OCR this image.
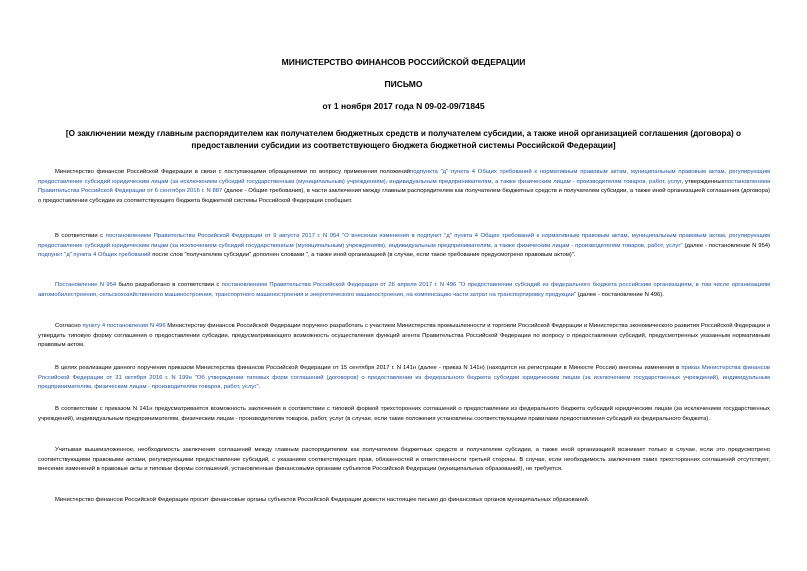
МИНИСТЕРСТВО ФИНАНСОВ РОССИЙСКОЙ ФЕДЕРАЦИИ
ПИСЬМО
от 1 ноября 2017 года N 09-02-09/71845
[О заключении между главным распорядителем как получателем бюджетных средств и получателем субсидии, а также иной организацией соглашения (договора) о предоставлении субсидии из соответствующего бюджета бюджетной системы Российской Федерации]

Министерство финансов Российской Федерации в связи с поступающими обращениями по вопросу применения положенийподпункта "д" пункта 4 Общих требований к нормативным правовым актам, муниципальным правовым актам, регулирующим предоставление субсидий юридическим лицам (за исключением субсидий государственным (муниципальным) учреждениям), индивидуальным предпринимателям, а также физическим лицам - производителям товаров, работ, услуг, утвержденныхпостановлением Правительства Российской Федерации от 6 сентября 2016 г. N 887 (далее - Общие требования), в части заключения между главным распорядителем как получателем бюджетных средств и получателем субсидии, а также иной организацией соглашения (договора) о предоставлении субсидии из соответствующего бюджета бюджетной системы Российской Федерации сообщает.

В соответствии с постановлением Правительства Российской Федерации от 9 августа 2017 г. N 954 "О внесении изменения в подпункт "д" пункта 4 Общих требований к нормативным правовым актам, муниципальным правовым актам, регулирующим предоставление субсидий юридическим лицам (за исключением субсидий государственным (муниципальным) учреждениям), индивидуальным предпринимателям, а также физическим лицам - производителям товаров, работ, услуг" (далее - постановление N 954) подпункт "д" пункта 4 Общих требований после слов "получателем субсидии" дополнен словами ", а также иной организацией (в случае, если такое требование предусмотрено правовым актом)".

Постановление N 954 было разработано в соответствии с постановлением Правительства Российской Федерации от 26 апреля 2017 г. N 496 "О предоставлении субсидий из федерального бюджета российским организациям, в том числе организациям автомобилестроения, сельскохозяйственного машиностроения, транспортного машиностроения и энергетического машиностроения, на компенсацию части затрат на транспортировку продукции" (далее - постановление N 496).

Согласно пункту 4 постановления N 496 Министерству финансов Российской Федерации поручено разработать с участием Министерства промышленности и торговли Российской Федерации и Министерства экономического развития Российской Федерации и утвердить типовую форму соглашения о предоставлении субсидии, предусматривающего возможность осуществления функций агента Правительства Российской Федерации по вопросу о предоставлении субсидий, предусмотренных указанным нормативным правовым актом.

В целях реализации данного поручения приказом Министерства финансов Российской Федерации от 15 сентября 2017 г. N 141н (далее - приказ N 141н) (находится на регистрации в Минюсте России) внесены изменения в приказ Министерства финансов Российской Федерации от 31 октября 2016 г. N 199н "Об утверждении типовых форм соглашений (договоров) о предоставлении из федерального бюджета субсидии юридическим лицам (за исключением государственных учреждений), индивидуальным предпринимателям, физическим лицам - производителям товаров, работ, услуг".

В соответствии с приказом N 141н предусматривается возможность заключения в соответствии с типовой формой трехсторонних соглашений о предоставлении из федерального бюджета субсидий юридическим лицам (за исключением государственных учреждений), индивидуальным предпринимателям, физическим лицам - производителям товаров, работ, услуг (в случае, если такие положения установлены соответствующими правилами предоставления субсидий из федерального бюджета).

Учитывая вышеизложенное, необходимость заключения соглашений между главным распорядителем как получателем бюджетных средств и получателем субсидии, а также иной организацией возникает только в случае, если это предусмотрено соответствующими правовыми актами, регулирующими предоставление субсидий, с указанием соответствующих прав, обязанностей и ответственности третьей стороны. В случае, если необходимость заключения таких трехсторонних соглашений отсутствует, внесение изменений в правовые акты и типовые формы соглашений, установленные финансовыми органами субъектов Российской Федерации (муниципальных образований), не требуется.

Министерство финансов Российской Федерации просит финансовые органы субъектов Российской Федерации довести настоящее письмо до финансовых органов муниципальных образований.
